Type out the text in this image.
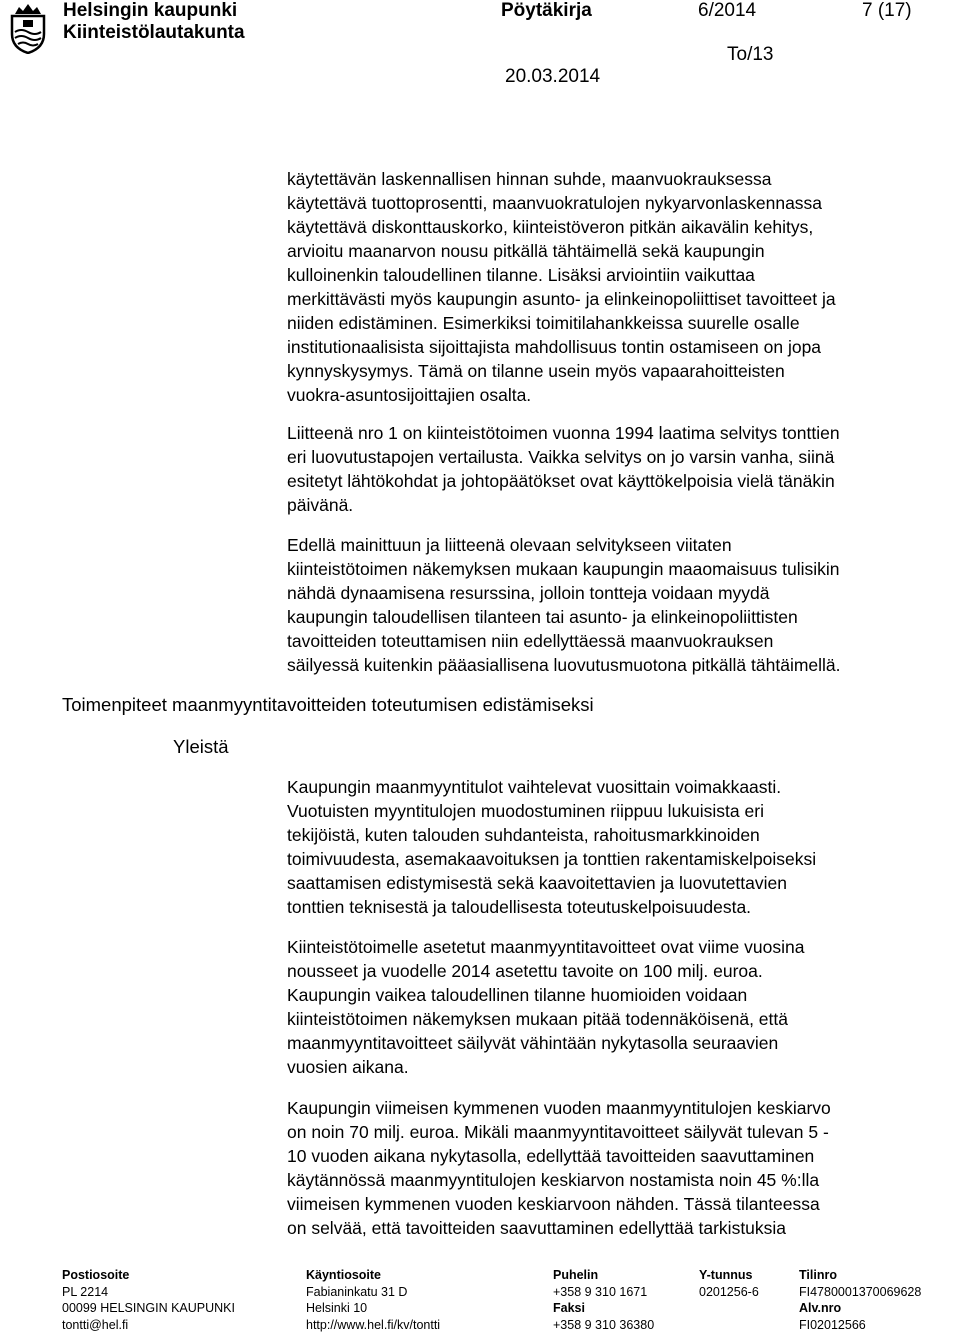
Helsingin kaupunki
Kiinteistölautakunta
Pöytäkirja	6/2014	7 (17)
To/13
20.03.2014

käytettävän laskennallisen hinnan suhde, maanvuokrauksessa
käytettävä tuottoprosentti, maanvuokratulojen nykyarvonlaskennassa
käytettävä diskonttauskorko, kiinteistöveron pitkän aikavälin kehitys,
arvioitu maanarvon nousu pitkällä tähtäimellä sekä kaupungin
kulloinenkin taloudellinen tilanne. Lisäksi arviointiin vaikuttaa
merkittävästi myös kaupungin asunto- ja elinkeinopoliittiset tavoitteet ja
niiden edistäminen. Esimerkiksi toimitilahankkeissa suurelle osalle
institutionaalisista sijoittajista mahdollisuus tontin ostamiseen on jopa
kynnyskysymys. Tämä on tilanne usein myös vapaarahoitteisten
vuokra-asuntosijoittajien osalta.

Liitteenä nro 1 on kiinteistötoimen vuonna 1994 laatima selvitys tonttien
eri luovutustapojen vertailusta. Vaikka selvitys on jo varsin vanha, siinä
esitetyt lähtökohdat ja johtopäätökset ovat käyttökelpoisia vielä tänäkin
päivänä.

Edellä mainittuun ja liitteenä olevaan selvitykseen viitaten
kiinteistötoimen näkemyksen mukaan kaupungin maaomaisuus tulisikin
nähdä dynaamisena resurssina, jolloin tontteja voidaan myydä
kaupungin taloudellisen tilanteen tai asunto- ja elinkeinopoliittisten
tavoitteiden toteuttamisen niin edellyttäessä maanvuokrauksen
säilyessä kuitenkin pääasiallisena luovutusmuotona pitkällä tähtäimellä.

Toimenpiteet maanmyyntitavoitteiden toteutumisen edistämiseksi
Yleistä

Kaupungin maanmyyntitulot vaihtelevat vuosittain voimakkaasti.
Vuotuisten myyntitulojen muodostuminen riippuu lukuisista eri
tekijöistä, kuten talouden suhdanteista, rahoitusmarkkinoiden
toimivuudesta, asemakaavoituksen ja tonttien rakentamiskelpoiseksi
saattamisen edistymisestä sekä kaavoitettavien ja luovutettavien
tonttien teknisestä ja taloudellisesta toteutuskelpoisuudesta.

Kiinteistötoimelle asetetut maanmyyntitavoitteet ovat viime vuosina
nousseet ja vuodelle 2014 asetettu tavoite on 100 milj. euroa.
Kaupungin vaikea taloudellinen tilanne huomioiden voidaan
kiinteistötoimen näkemyksen mukaan pitää todennäköisenä, että
maanmyyntitavoitteet säilyvät vähintään nykytasolla seuraavien
vuosien aikana.

Kaupungin viimeisen kymmenen vuoden maanmyyntitulojen keskiarvo
on noin 70 milj. euroa. Mikäli maanmyyntitavoitteet säilyvät tulevan 5 -
10 vuoden aikana nykytasolla, edellyttää tavoitteiden saavuttaminen
käytännössä maanmyyntitulojen keskiarvon nostamista noin 45 %:lla
viimeisen kymmenen vuoden keskiarvoon nähden. Tässä tilanteessa
on selvää, että tavoitteiden saavuttaminen edellyttää tarkistuksia

Postiosoite
PL 2214
00099 HELSINGIN KAUPUNKI
tontti@hel.fi
Käyntiosoite
Fabianinkatu 31 D
Helsinki 10
http://www.hel.fi/kv/tontti
Puhelin
+358 9 310 1671
Faksi
+358 9 310 36380
Y-tunnus
0201256-6
Tilinro
FI4780001370069628
Alv.nro
FI02012566
